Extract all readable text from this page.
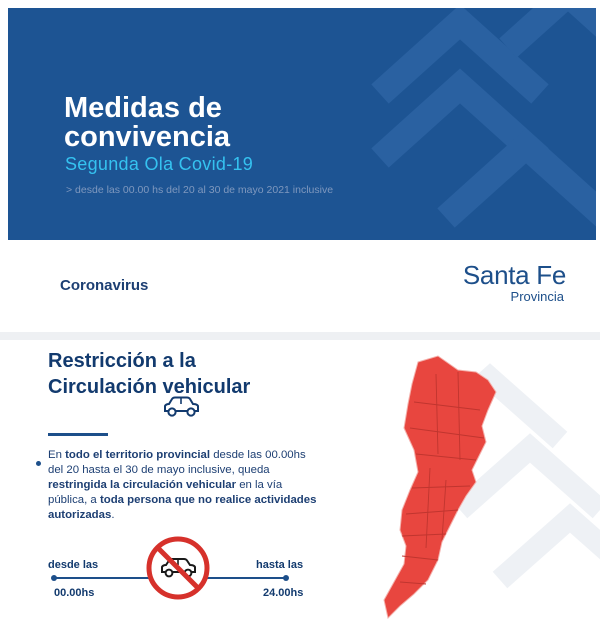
Medidas de convivencia

Segunda Ola Covid-19

> desde las 00.00 hs del 20 al 30 de mayo 2021 inclusive

Coronavirus	Santa Fe

Provincia

Restricción a la Circulación vehicular

En todo el territorio provincial desde las 00.00hs del 20 hasta el 30 de mayo inclusive, queda restringida la circulación vehicular en la vía pública, a toda persona que no realice actividades autorizadas.

desde las	hasta las

00.00hs	24.00hs
